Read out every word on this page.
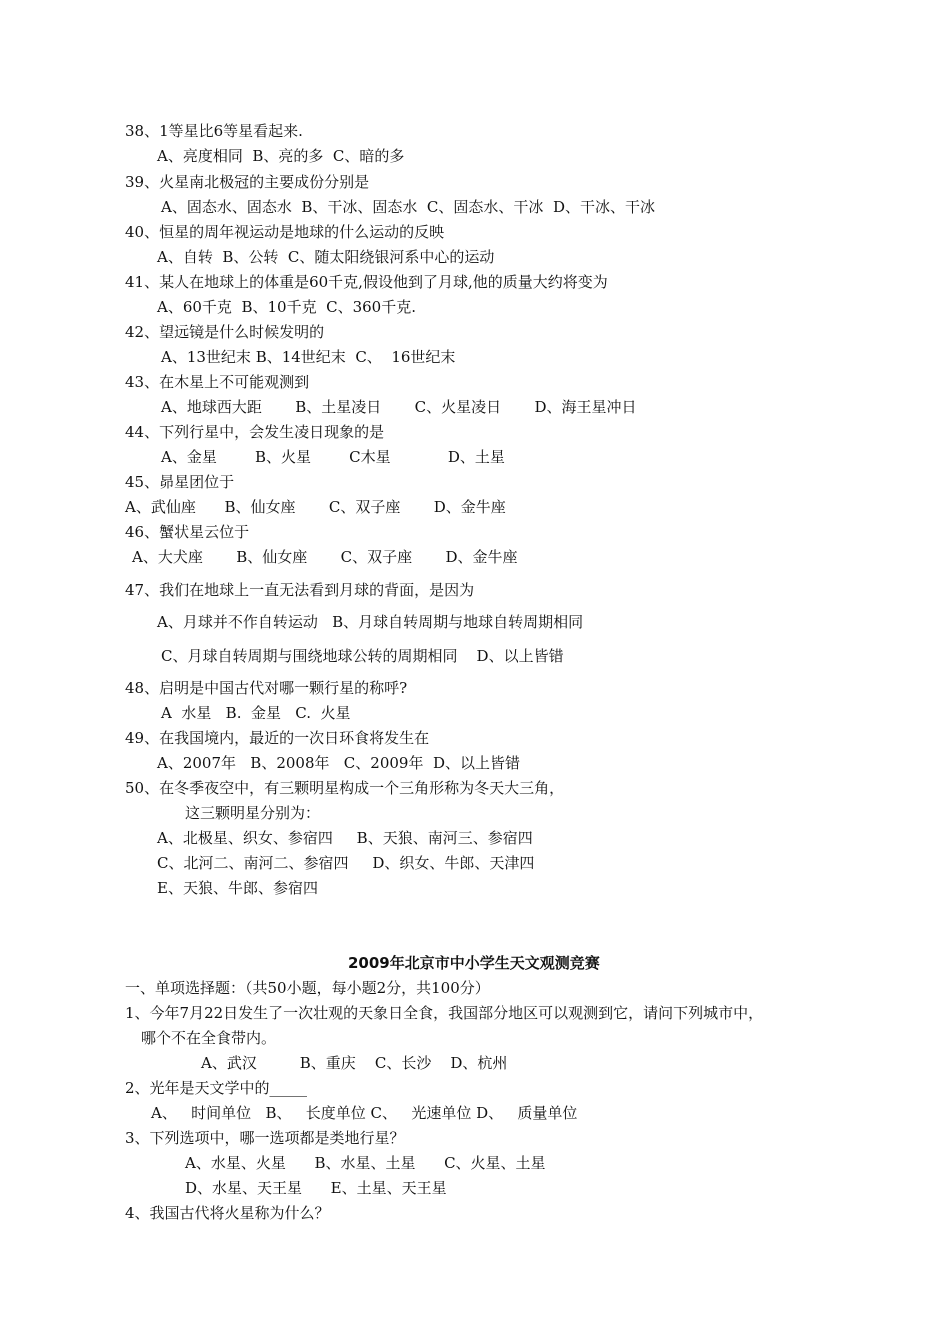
38、1等星比6等星看起来.
A、亮度相同  B、亮的多  C、暗的多
39、火星南北极冠的主要成份分别是
A、固态水、固态水  B、干冰、固态水  C、固态水、干冰  D、干冰、干冰
40、恒星的周年视运动是地球的什么运动的反映
A、自转  B、公转  C、随太阳绕银河系中心的运动
41、某人在地球上的体重是60千克,假设他到了月球,他的质量大约将变为
A、60千克  B、10千克  C、360千克.
42、望远镜是什么时候发明的
A、13世纪末 B、14世纪末  C、  16世纪末
43、在木星上不可能观测到
A、地球西大距       B、土星凌日       C、火星凌日       D、海王星冲日
44、下列行星中，会发生凌日现象的是
A、金星        B、火星        C木星            D、土星
45、昴星团位于
A、武仙座      B、仙女座       C、双子座       D、金牛座
46、蟹状星云位于
A、大犬座       B、仙女座       C、双子座       D、金牛座
47、我们在地球上一直无法看到月球的背面，是因为
A、月球并不作自转运动   B、月球自转周期与地球自转周期相同
C、月球自转周期与围绕地球公转的周期相同    D、以上皆错
48、启明是中国古代对哪一颗行星的称呼?
A  水星   B.  金星   C.  火星
49、在我国境内，最近的一次日环食将发生在
A、2007年   B、2008年   C、2009年  D、以上皆错
50、在冬季夜空中，有三颗明星构成一个三角形称为冬天大三角，
这三颗明星分别为：
A、北极星、织女、参宿四     B、天狼、南河三、参宿四
C、北河二、南河二、参宿四     D、织女、牛郎、天津四
E、天狼、牛郎、参宿四
2009年北京市中小学生天文观测竞赛
一、单项选择题：（共50小题，每小题2分，共100分）
1、今年7月22日发生了一次壮观的天象日全食，我国部分地区可以观测到它，请问下列城市中，
哪个不在全食带内。
A、武汉         B、重庆    C、长沙    D、杭州
2、光年是天文学中的_____
A、   时间单位   B、   长度单位 C、   光速单位 D、   质量单位
3、下列选项中，哪一选项都是类地行星？
A、水星、火星      B、水星、土星      C、火星、土星
D、水星、天王星      E、土星、天王星
4、我国古代将火星称为什么？
